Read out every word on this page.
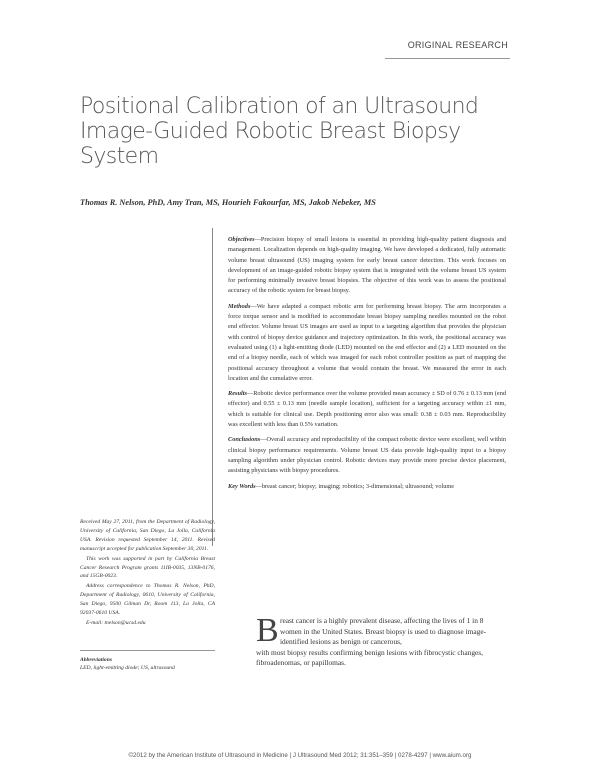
ORIGINAL RESEARCH
Positional Calibration of an Ultrasound Image-Guided Robotic Breast Biopsy System
Thomas R. Nelson, PhD, Amy Tran, MS, Hourieh Fakourfar, MS, Jakob Nebeker, MS

Objectives—Precision biopsy of small lesions is essential in providing high-quality patient diagnosis and management. Localization depends on high-quality imaging. We have developed a dedicated, fully automatic volume breast ultrasound (US) imaging system for early breast cancer detection. This work focuses on development of an image-guided robotic biopsy system that is integrated with the volume breast US system for performing minimally invasive breast biopsies. The objective of this work was to assess the positional accuracy of the robotic system for breast biopsy.

Methods—We have adapted a compact robotic arm for performing breast biopsy. The arm incorporates a force torque sensor and is modified to accommodate breast biopsy sampling needles mounted on the robot end effector. Volume breast US images are used as input to a targeting algorithm that provides the physician with control of biopsy device guidance and trajectory optimization. In this work, the positional accuracy was evaluated using (1) a light-emitting diode (LED) mounted on the end effector and (2) a LED mounted on the end of a biopsy needle, each of which was imaged for each robot controller position as part of mapping the positional accuracy throughout a volume that would contain the breast. We measured the error in each location and the cumulative error.

Results—Robotic device performance over the volume provided mean accuracy ± SD of 0.76 ± 0.13 mm (end effector) and 0.55 ± 0.13 mm (needle sample location), sufficient for a targeting accuracy within ±1 mm, which is suitable for clinical use. Depth positioning error also was small: 0.38 ± 0.03 mm. Reproducibility was excellent with less than 0.5% variation.

Conclusions—Overall accuracy and reproducibility of the compact robotic device were excellent, well within clinical biopsy performance requirements. Volume breast US data provide high-quality input to a biopsy sampling algorithm under physician control. Robotic devices may provide more precise device placement, assisting physicians with biopsy procedures.

Key Words—breast cancer; biopsy; imaging; robotics; 3-dimensional; ultrasound; volume

Received May 27, 2011, from the Department of Radiology, University of California, San Diego, La Jolla, California USA. Revision requested September 14, 2011. Revised manuscript accepted for publication September 30, 2011.

This work was supported in part by California Breast Cancer Research Program grants 11IB-0035, 13NB-0176, and 15GB-0023.

Address correspondence to Thomas R. Nelson, PhD, Department of Radiology, 0610, University of California, San Diego, 9500 Gilman Dr, Room 113, La Jolla, CA 92037-0610 USA.

E-mail: tnelson@ucsd.edu

Abbreviations
LED, light-emitting diode; US, ultrasound
B reast cancer is a highly prevalent disease, affecting the lives of 1 in 8 women in the United States. Breast biopsy is used to diagnose image-identified lesions as benign or cancerous,
with most biopsy results confirming benign lesions with fibrocystic changes, fibroadenomas, or papillomas.
©2012 by the American Institute of Ultrasound in Medicine | J Ultrasound Med 2012; 31:351–359 | 0278-4297 | www.aium.org
